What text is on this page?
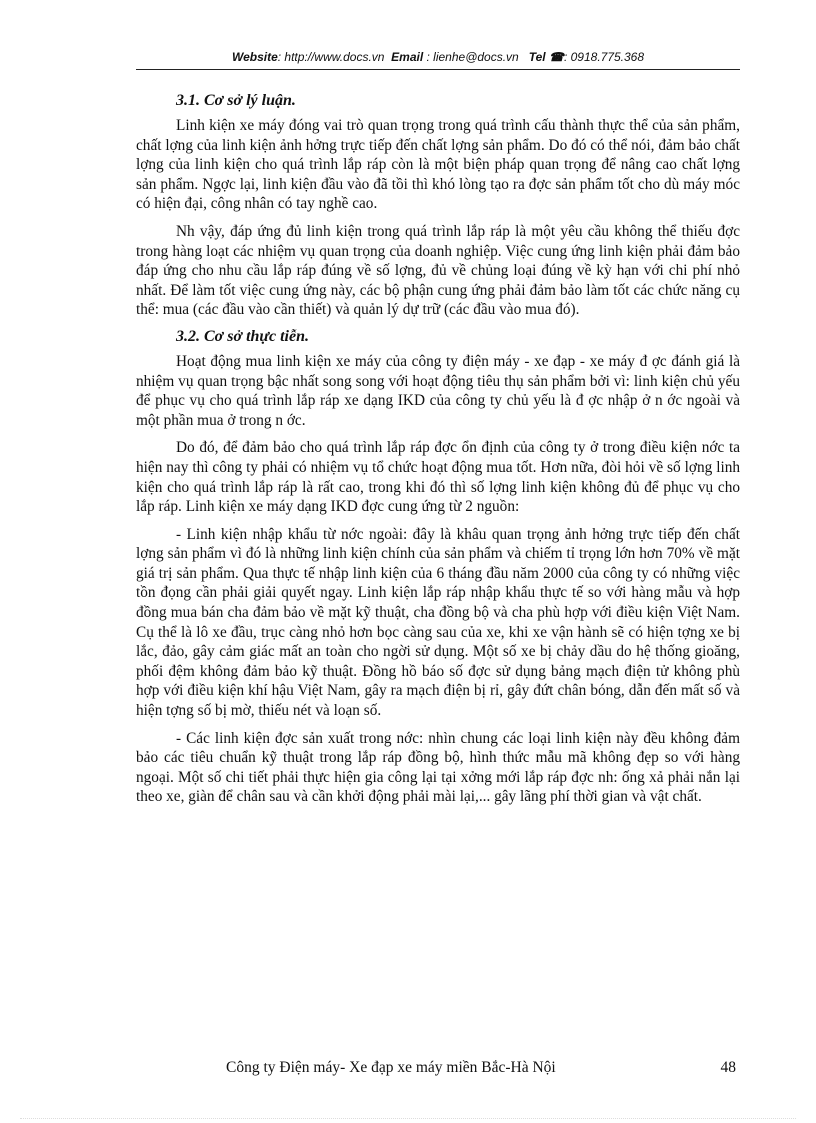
Website: http://www.docs.vn Email : lienhe@docs.vn Tel ☎: 0918.775.368
3.1. Cơ sở lý luận.

Linh kiện xe máy đóng vai trò quan trọng trong quá trình cấu thành thực thể của sản phẩm, chất lợng của linh kiện ảnh hởng trực tiếp đến chất lợng sản phẩm. Do đó có thể nói, đảm bảo chất lợng của linh kiện cho quá trình lắp ráp còn là một biện pháp quan trọng để nâng cao chất lợng sản phẩm. Ngợc lại, linh kiện đầu vào đã tồi thì khó lòng tạo ra đợc sản phẩm tốt cho dù máy móc có hiện đại, công nhân có tay nghề cao.

Nh vậy, đáp ứng đủ linh kiện trong quá trình lắp ráp là một yêu cầu không thể thiếu đợc trong hàng loạt các nhiệm vụ quan trọng của doanh nghiệp. Việc cung ứng linh kiện phải đảm bảo đáp ứng cho nhu cầu lắp ráp đúng về số lợng, đủ về chủng loại đúng về kỳ hạn với chi phí nhỏ nhất. Để làm tốt việc cung ứng này, các bộ phận cung ứng phải đảm bảo làm tốt các chức năng cụ thể: mua (các đầu vào cần thiết) và quản lý dự trữ (các đầu vào mua đó).

3.2. Cơ sở thực tiễn.

Hoạt động mua linh kiện xe máy của công ty điện máy - xe đạp - xe máy đ ợc đánh giá là nhiệm vụ quan trọng bậc nhất song song với hoạt động tiêu thụ sản phẩm bởi vì: linh kiện chủ yếu để phục vụ cho quá trình lắp ráp xe dạng IKD của công ty chủ yếu là đ ợc nhập ở n ớc ngoài và một phần mua ở trong n ớc.

Do đó, để đảm bảo cho quá trình lắp ráp đợc ổn định của công ty ở trong điều kiện nớc ta hiện nay thì công ty phải có nhiệm vụ tổ chức hoạt động mua tốt. Hơn nữa, đòi hỏi về số lợng linh kiện cho quá trình lắp ráp là rất cao, trong khi đó thì số lợng linh kiện không đủ để phục vụ cho lắp ráp. Linh kiện xe máy dạng IKD đợc cung ứng từ 2 nguồn:

- Linh kiện nhập khẩu từ nớc ngoài: đây là khâu quan trọng ảnh hởng trực tiếp đến chất lợng sản phẩm vì đó là những linh kiện chính của sản phẩm và chiếm tỉ trọng lớn hơn 70% về mặt giá trị sản phẩm. Qua thực tế nhập linh kiện của 6 tháng đầu năm 2000 của công ty có những việc tồn đọng cần phải giải quyết ngay. Linh kiện lắp ráp nhập khẩu thực tế so với hàng mẫu và hợp đồng mua bán cha đảm bảo về mặt kỹ thuật, cha đồng bộ và cha phù hợp với điều kiện Việt Nam. Cụ thể là lô xe đầu, trục càng nhỏ hơn bọc càng sau của xe, khi xe vận hành sẽ có hiện tợng xe bị lắc, đảo, gây cảm giác mất an toàn cho ngời sử dụng. Một số xe bị chảy dầu do hệ thống gioăng, phối đệm không đảm bảo kỹ thuật. Đồng hồ báo số đợc sử dụng bảng mạch điện tử không phù hợp với điều kiện khí hậu Việt Nam, gây ra mạch điện bị rỉ, gây đứt chân bóng, dẫn đến mất số và hiện tợng số bị mờ, thiếu nét và loạn số.

- Các linh kiện đợc sản xuất trong nớc: nhìn chung các loại linh kiện này đều không đảm bảo các tiêu chuẩn kỹ thuật trong lắp ráp đồng bộ, hình thức mẫu mã không đẹp so với hàng ngoại. Một số chi tiết phải thực hiện gia công lại tại xởng mới lắp ráp đợc nh: ống xả phải nắn lại theo xe, giàn để chân sau và cần khởi động phải mài lại,... gây lãng phí thời gian và vật chất.

Công ty Điện máy- Xe đạp xe máy miền Bắc-Hà Nội	48
